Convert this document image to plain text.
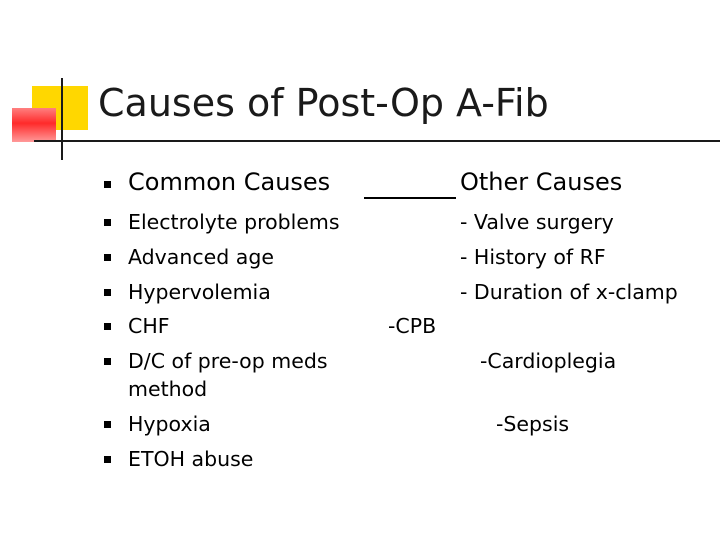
Causes of Post-Op A-Fib
Common Causes	Other Causes
Electrolyte problems
Advanced age
Hypervolemia
CHF
D/C of pre-op meds
method
Hypoxia
ETOH abuse
- Valve surgery
- History of RF
- Duration of x-clamp
-CPB
-Cardioplegia
-Sepsis
